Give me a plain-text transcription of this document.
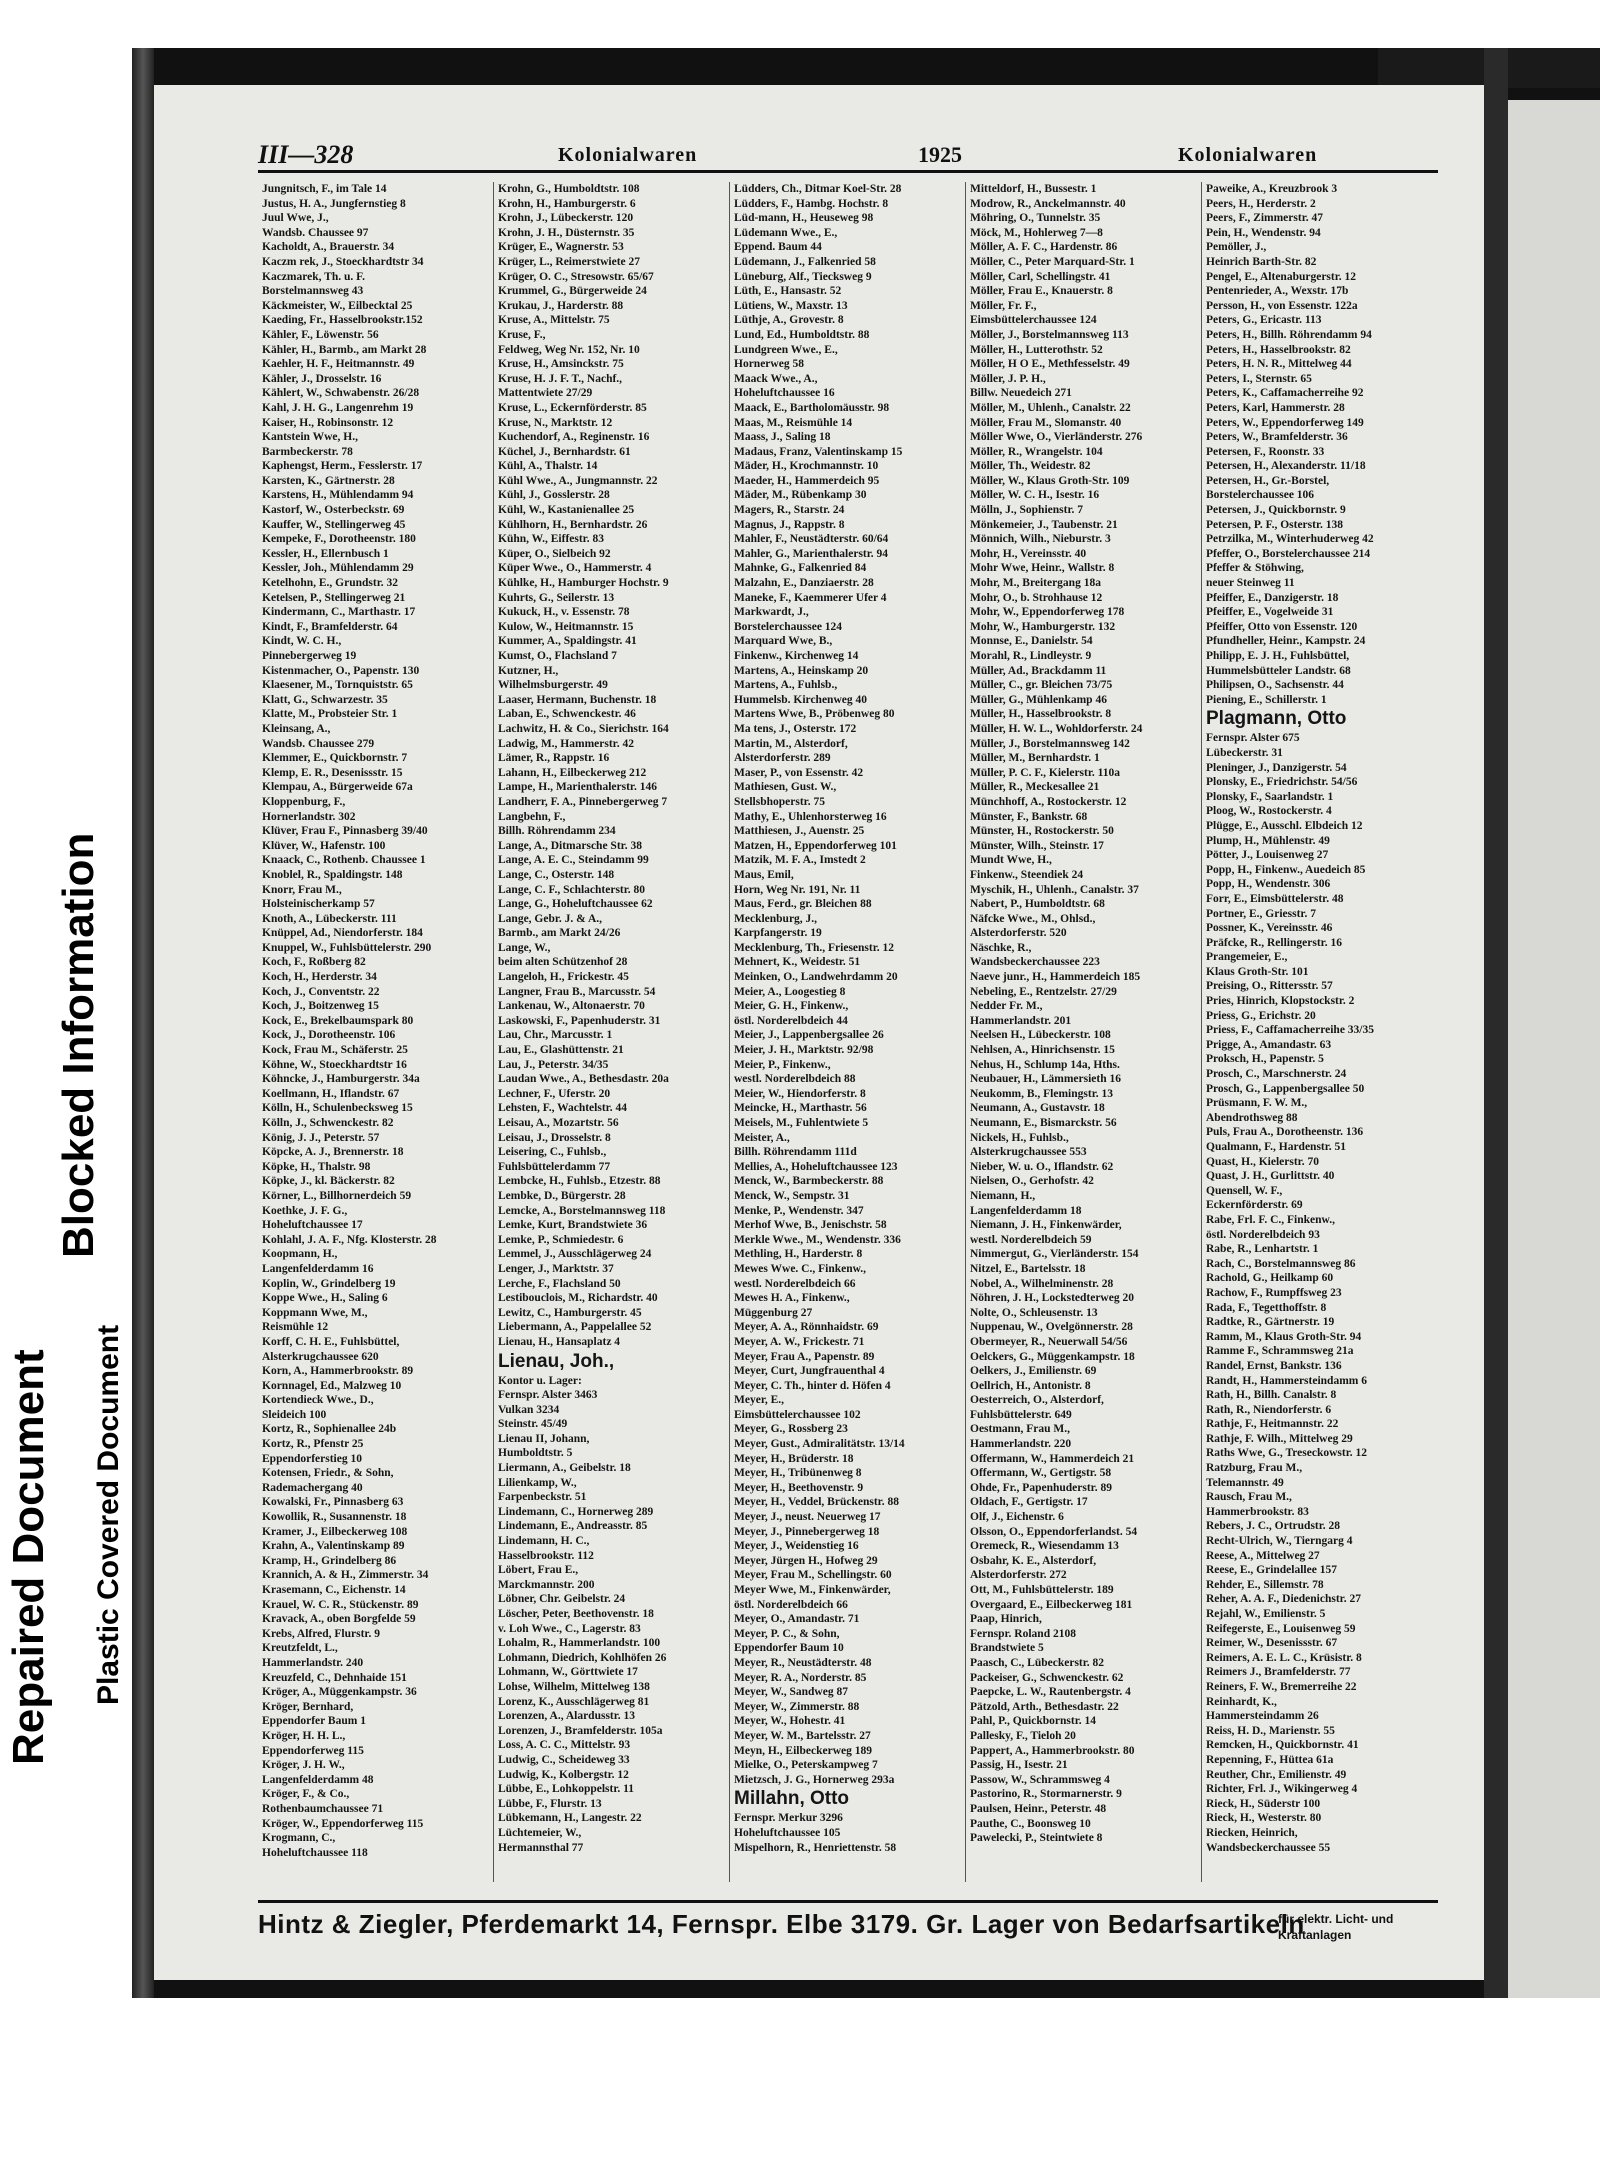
Repaired Document Plastic Covered Document
Blocked Information
III—328	Kolonialwaren	1925	Kolonialwaren
Jungnitsch, F., im Tale 14
Justus, H. A., Jungfernstieg 8
Juul Wwe, J.,
Wandsb. Chaussee 97
Kacholdt, A., Brauerstr. 34
Kaczm rek, J., Stoeckhardtstr 34
Kaczmarek, Th. u. F.
Borstelmannsweg 43
Käckmeister, W., Eilbecktal 25
Kaeding, Fr., Hasselbrookstr.152
Kähler, F., Löwenstr. 56
Kähler, H., Barmb., am Markt 28
Kaehler, H. F., Heitmannstr. 49
Kähler, J., Drosselstr. 16
Kählert, W., Schwabenstr. 26/28
Kahl, J. H. G., Langenrehm 19
Kaiser, H., Robinsonstr. 12
Kantstein Wwe, H.,
Barmbeckerstr. 78
Kaphengst, Herm., Fesslerstr. 17
Karsten, K., Gärtnerstr. 28
Karstens, H., Mühlendamm 94
Kastorf, W., Osterbeckstr. 69
Kauffer, W., Stellingerweg 45
Kempeke, F., Dorotheenstr. 180
Kessler, H., Ellernbusch 1
Kessler, Joh., Mühlendamm 29
Ketelhohn, E., Grundstr. 32
Ketelsen, P., Stellingerweg 21
Kindermann, C., Marthastr. 17
Kindt, F., Bramfelderstr. 64
Kindt, W. C. H.,
Pinnebergerweg 19
Kistenmacher, O., Papenstr. 130
Klaesener, M., Tornquiststr. 65
Klatt, G., Schwarzestr. 35
Klatte, M., Probsteier Str. 1
Kleinsang, A.,
Wandsb. Chaussee 279
Klemmer, E., Quickbornstr. 7
Klemp, E. R., Desenissstr. 15
Klempau, A., Bürgerweide 67a
Kloppenburg, F.,
Hornerlandstr. 302
Klüver, Frau F., Pinnasberg 39/40
Klüver, W., Hafenstr. 100
Knaack, C., Rothenb. Chaussee 1
Knoblel, R., Spaldingstr. 148
Knorr, Frau M.,
Holsteinischerkamp 57
Knoth, A., Lübeckerstr. 111
Knüppel, Ad., Niendorferstr. 184
Knuppel, W., Fuhlsbüttelerstr. 290
Koch, F., Roßberg 82
Koch, H., Herderstr. 34
Koch, J., Conventstr. 22
Koch, J., Boitzenweg 15
Kock, E., Brekelbaumspark 80
Kock, J., Dorotheenstr. 106
Kock, Frau M., Schäferstr. 25
Köhne, W., Stoeckhardtstr 16
Köhncke, J., Hamburgerstr. 34a
Koellmann, H., Iflandstr. 67
Kölln, H., Schulenbecksweg 15
Kölln, J., Schwenckestr. 82
König, J. J., Peterstr. 57
Köpcke, A. J., Brennerstr. 18
Köpke, H., Thalstr. 98
Köpke, J., kl. Bäckerstr. 82
Körner, L., Billhornerdeich 59
Koethke, J. F. G.,
Hoheluftchaussee 17
Kohlahl, J. A. F., Nfg. Klosterstr. 28
Koopmann, H.,
Langenfelderdamm 16
Koplin, W., Grindelberg 19
Koppe Wwe., H., Saling 6
Koppmann Wwe, M.,
Reismühle 12
Korff, C. H. E., Fuhlsbüttel,
Alsterkrugchaussee 620
Korn, A., Hammerbrookstr. 89
Kornnagel, Ed., Malzweg 10
Kortendieck Wwe., D.,
Sleideich 100
Kortz, R., Sophienallee 24b
Kortz, R., Pfenstr 25
Eppendorferstieg 10
Kotensen, Friedr., & Sohn,
Rademachergang 40
Kowalski, Fr., Pinnasberg 63
Kowollik, R., Susannenstr. 18
Kramer, J., Eilbeckerweg 108
Krahn, A., Valentinskamp 89
Kramp, H., Grindelberg 86
Krannich, A. & H., Zimmerstr. 34
Krasemann, C., Eichenstr. 14
Krauel, W. C. R., Stückenstr. 89
Kravack, A., oben Borgfelde 59
Krebs, Alfred, Flurstr. 9
Kreutzfeldt, L.,
Hammerlandstr. 240
Kreuzfeld, C., Dehnhaide 151
Kröger, A., Müggenkampstr. 36
Kröger, Bernhard,
Eppendorfer Baum 1
Kröger, H. H. L.,
Eppendorferweg 115
Kröger, J. H. W.,
Langenfelderdamm 48
Kröger, F., & Co.,
Rothenbaumchaussee 71
Kröger, W., Eppendorferweg 115
Krogmann, C.,
Hoheluftchaussee 118
Krohn, G., Humboldtstr. 108
Krohn, H., Hamburgerstr. 6
Krohn, J., Lübeckerstr. 120
Krohn, J. H., Düsternstr. 35
Krüger, E., Wagnerstr. 53
Krüger, L., Reimerstwiete 27
Krüger, O. C., Stresowstr. 65/67
Krummel, G., Bürgerweide 24
Krukau, J., Harderstr. 88
Kruse, A., Mittelstr. 75
Kruse, F.,
Feldweg, Weg Nr. 152, Nr. 10
Kruse, H., Amsinckstr. 75
Kruse, H. J. F. T., Nachf.,
Mattentwiete 27/29
Kruse, L., Eckernförderstr. 85
Kruse, N., Marktstr. 12
Kuchendorf, A., Reginenstr. 16
Küchel, J., Bernhardstr. 61
Kühl, A., Thalstr. 14
Kühl Wwe., A., Jungmannstr. 22
Kühl, J., Gosslerstr. 28
Kühl, W., Kastanienallee 25
Kühlhorn, H., Bernhardstr. 26
Kühn, W., Eiffestr. 83
Küper, O., Sielbeich 92
Küper Wwe., O., Hammerstr. 4
Kühlke, H., Hamburger Hochstr. 9
Kuhrts, G., Seilerstr. 13
Kukuck, H., v. Essenstr. 78
Kulow, W., Heitmannstr. 15
Kummer, A., Spaldingstr. 41
Kumst, O., Flachsland 7
Kutzner, H.,
Wilhelmsburgerstr. 49
Laaser, Hermann, Buchenstr. 18
Laban, E., Schwenckestr. 46
Lachwitz, H. & Co., Sierichstr. 164
Ladwig, M., Hammerstr. 42
Lämer, R., Rappstr. 16
Lahann, H., Eilbeckerweg 212
Lampe, H., Marienthalerstr. 146
Landherr, F. A., Pinnebergerweg 7
Langbehn, F.,
Billh. Röhrendamm 234
Lange, A., Ditmarsche Str. 38
Lange, A. E. C., Steindamm 99
Lange, C., Osterstr. 148
Lange, C. F., Schlachterstr. 80
Lange, G., Hoheluftchaussee 62
Lange, Gebr. J. & A.,
Barmb., am Markt 24/26
Lange, W.,
beim alten Schützenhof 28
Langeloh, H., Frickestr. 45
Langner, Frau B., Marcusstr. 54
Lankenau, W., Altonaerstr. 70
Laskowski, F., Papenhuderstr. 31
Lau, Chr., Marcusstr. 1
Lau, E., Glashüttenstr. 21
Lau, J., Peterstr. 34/35
Laudan Wwe., A., Bethesdastr. 20a
Lechner, F., Uferstr. 20
Lehsten, F., Wachtelstr. 44
Leisau, A., Mozartstr. 56
Leisau, J., Drosselstr. 8
Leisering, C., Fuhlsb.,
Fuhlsbüttelerdamm 77
Lembcke, H., Fuhlsb., Etzestr. 88
Lembke, D., Bürgerstr. 28
Lemcke, A., Borstelmannsweg 118
Lemke, Kurt, Brandstwiete 36
Lemke, P., Schmiedestr. 6
Lemmel, J., Ausschlägerweg 24
Lenger, J., Marktstr. 37
Lerche, F., Flachsland 50
Lestibouclois, M., Richardstr. 40
Lewitz, C., Hamburgerstr. 45
Liebermann, A., Pappelallee 52
Lienau, H., Hansaplatz 4
Lienau, Joh.,
Kontor u. Lager:
Fernspr. Alster 3463
Vulkan 3234
Steinstr. 45/49
Lienau II, Johann,
Humboldtstr. 5
Liermann, A., Geibelstr. 18
Lilienkamp, W.,
Farpenbeckstr. 51
Lindemann, C., Hornerweg 289
Lindemann, E., Andreasstr. 85
Lindemann, H. C.,
Hasselbrookstr. 112
Löbert, Frau E.,
Marckmannstr. 200
Löbner, Chr. Geibelstr. 24
Löscher, Peter, Beethovenstr. 18
v. Loh Wwe., C., Lagerstr. 83
Lohalm, R., Hammerlandstr. 100
Lohmann, Diedrich, Kohlhöfen 26
Lohmann, W., Görttwiete 17
Lohse, Wilhelm, Mittelweg 138
Lorenz, K., Ausschlägerweg 81
Lorenzen, A., Alardusstr. 13
Lorenzen, J., Bramfelderstr. 105a
Loss, A. C. C., Mittelstr. 93
Ludwig, C., Scheideweg 33
Ludwig, K., Kolbergstr. 12
Lübbe, E., Lohkoppelstr. 11
Lübbe, F., Flurstr. 13
Lübkemann, H., Langestr. 22
Lüchtemeier, W.,
Hermannsthal 77
Lüdders, Ch., Ditmar Koel-Str. 28
Lüdders, F., Hambg. Hochstr. 8
Lüd-mann, H., Heuseweg 98
Lüdemann Wwe., E.,
Eppend. Baum 44
Lüdemann, J., Falkenried 58
Lüneburg, Alf., Tiecksweg 9
Lüth, E., Hansastr. 52
Lütiens, W., Maxstr. 13
Lüthje, A., Grovestr. 8
Lund, Ed., Humboldtstr. 88
Lundgreen Wwe., E.,
Hornerweg 58
Maack Wwe., A.,
Hoheluftchaussee 16
Maack, E., Bartholomäusstr. 98
Maas, M., Reismühle 14
Maass, J., Saling 18
Madaus, Franz, Valentinskamp 15
Mäder, H., Krochmannstr. 10
Maeder, H., Hammerdeich 95
Mäder, M., Rübenkamp 30
Magers, R., Starstr. 24
Magnus, J., Rappstr. 8
Mahler, F., Neustädterstr. 60/64
Mahler, G., Marienthalerstr. 94
Mahnke, G., Falkenried 84
Malzahn, E., Danziaerstr. 28
Maneke, F., Kaemmerer Ufer 4
Markwardt, J.,
Borstelerchaussee 124
Marquard Wwe, B.,
Finkenw., Kirchenweg 14
Martens, A., Heinskamp 20
Martens, A., Fuhlsb.,
Hummelsb. Kirchenweg 40
Martens Wwe, B., Pröbenweg 80
Ma tens, J., Osterstr. 172
Martin, M., Alsterdorf,
Alsterdorferstr. 289
Maser, P., von Essenstr. 42
Mathiesen, Gust. W.,
Stellsbhoperstr. 75
Mathy, E., Uhlenhorsterweg 16
Matthiesen, J., Auenstr. 25
Matzen, H., Eppendorferweg 101
Matzik, M. F. A., Imstedt 2
Maus, Emil,
Horn, Weg Nr. 191, Nr. 11
Maus, Ferd., gr. Bleichen 88
Mecklenburg, J.,
Karpfangerstr. 19
Mecklenburg, Th., Friesenstr. 12
Mehnert, K., Weidestr. 51
Meinken, O., Landwehrdamm 20
Meier, A., Loogestieg 8
Meier, G. H., Finkenw.,
östl. Norderelbdeich 44
Meier, J., Lappenbergsallee 26
Meier, J. H., Marktstr. 92/98
Meier, P., Finkenw.,
westl. Norderelbdeich 88
Meier, W., Hiendorferstr. 8
Meincke, H., Marthastr. 56
Meisels, M., Fuhlentwiete 5
Meister, A.,
Billh. Röhrendamm 111d
Mellies, A., Hoheluftchaussee 123
Menck, W., Barmbeckerstr. 88
Menck, W., Sempstr. 31
Menke, P., Wendenstr. 347
Merhof Wwe, B., Jenischstr. 58
Merkle Wwe., M., Wendenstr. 336
Methling, H., Harderstr. 8
Mewes Wwe. C., Finkenw.,
westl. Norderelbdeich 66
Mewes H. A., Finkenw.,
Müggenburg 27
Meyer, A. A., Rönnhaidstr. 69
Meyer, A. W., Frickestr. 71
Meyer, Frau A., Papenstr. 89
Meyer, Curt, Jungfrauenthal 4
Meyer, C. Th., hinter d. Höfen 4
Meyer, E.,
Eimsbüttelerchaussee 102
Meyer, G., Rossberg 23
Meyer, Gust., Admiralitätstr. 13/14
Meyer, H., Brüderstr. 18
Meyer, H., Tribünenweg 8
Meyer, H., Beethovenstr. 9
Meyer, H., Veddel, Brückenstr. 88
Meyer, J., neust. Neuerweg 17
Meyer, J., Pinnebergerweg 18
Meyer, J., Weidenstieg 16
Meyer, Jürgen H., Hofweg 29
Meyer, Frau M., Schellingstr. 60
Meyer Wwe, M., Finkenwärder,
östl. Norderelbdeich 66
Meyer, O., Amandastr. 71
Meyer, P. C., & Sohn,
Eppendorfer Baum 10
Meyer, R., Neustädterstr. 48
Meyer, R. A., Norderstr. 85
Meyer, W., Sandweg 87
Meyer, W., Zimmerstr. 88
Meyer, W., Hohestr. 41
Meyer, W. M., Bartelsstr. 27
Meyn, H., Eilbeckerweg 189
Mielke, O., Peterskampweg 7
Mietzsch, J. G., Hornerweg 293a
Millahn, Otto
Fernspr. Merkur 3296
Hoheluftchaussee 105
Mispelhorn, R., Henriettenstr. 58
Mitteldorf, H., Bussestr. 1
Modrow, R., Anckelmannstr. 40
Möhring, O., Tunnelstr. 35
Möck, M., Hohlerweg 7—8
Möller, A. F. C., Hardenstr. 86
Möller, C., Peter Marquard-Str. 1
Möller, Carl, Schellingstr. 41
Möller, Frau E., Knauerstr. 8
Möller, Fr. F.,
Eimsbüttelerchaussee 124
Möller, J., Borstelmannsweg 113
Möller, H., Lutterothstr. 52
Möller, H O E., Methfesselstr. 49
Möller, J. P. H.,
Billw. Neuedeich 271
Möller, M., Uhlenh., Canalstr. 22
Möller, Frau M., Slomanstr. 40
Möller Wwe, O., Vierländerstr. 276
Möller, R., Wrangelstr. 104
Möller, Th., Weidestr. 82
Möller, W., Klaus Groth-Str. 109
Möller, W. C. H., Isestr. 16
Mölln, J., Sophienstr. 7
Mönkemeier, J., Taubenstr. 21
Mönnich, Wilh., Nieburstr. 3
Mohr, H., Vereinsstr. 40
Mohr Wwe, Heinr., Wallstr. 8
Mohr, M., Breitergang 18a
Mohr, O., b. Strohhause 12
Mohr, W., Eppendorferweg 178
Mohr, W., Hamburgerstr. 132
Monnse, E., Danielstr. 54
Morahl, R., Lindleystr. 9
Müller, Ad., Brackdamm 11
Müller, C., gr. Bleichen 73/75
Müller, G., Mühlenkamp 46
Müller, H., Hasselbrookstr. 8
Müller, H. W. L., Wohldorferstr. 24
Müller, J., Borstelmannsweg 142
Müller, M., Bernhardstr. 1
Müller, P. C. F., Kielerstr. 110a
Müller, R., Meckesallee 21
Münchhoff, A., Rostockerstr. 12
Münster, F., Bankstr. 68
Münster, H., Rostockerstr. 50
Münster, Wilh., Steinstr. 17
Mundt Wwe, H.,
Finkenw., Steendiek 24
Myschik, H., Uhlenh., Canalstr. 37
Nabert, P., Humboldtstr. 68
Näfcke Wwe., M., Ohlsd.,
Alsterdorferstr. 520
Näschke, R.,
Wandsbeckerchaussee 223
Naeve junr., H., Hammerdeich 185
Nebeling, E., Rentzelstr. 27/29
Nedder Fr. M.,
Hammerlandstr. 201
Neelsen H., Lübeckerstr. 108
Nehlsen, A., Hinrichsenstr. 15
Nehus, H., Schlump 14a, Hths.
Neubauer, H., Lämmersieth 16
Neukomm, B., Flemingstr. 13
Neumann, A., Gustavstr. 18
Neumann, E., Bismarckstr. 56
Nickels, H., Fuhlsb.,
Alsterkrugchaussee 553
Nieber, W. u. O., Iflandstr. 62
Nielsen, O., Gerhofstr. 42
Niemann, H.,
Langenfelderdamm 18
Niemann, J. H., Finkenwärder,
westl. Norderelbdeich 59
Nimmergut, G., Vierländerstr. 154
Nitzel, E., Bartelsstr. 18
Nobel, A., Wilhelminenstr. 28
Nöhren, J. H., Lockstedterweg 20
Nolte, O., Schleusenstr. 13
Nuppenau, W., Ovelgönnerstr. 28
Obermeyer, R., Neuerwall 54/56
Oelckers, G., Müggenkampstr. 18
Oelkers, J., Emilienstr. 69
Oellrich, H., Antonistr. 8
Oesterreich, O., Alsterdorf,
Fuhlsbüttelerstr. 649
Oestmann, Frau M.,
Hammerlandstr. 220
Offermann, W., Hammerdeich 21
Offermann, W., Gertigstr. 58
Ohde, Fr., Papenhuderstr. 89
Oldach, F., Gertigstr. 17
Olf, J., Eichenstr. 6
Olsson, O., Eppendorferlandst. 54
Oremeck, R., Wiesendamm 13
Osbahr, K. E., Alsterdorf,
Alsterdorferstr. 272
Ott, M., Fuhlsbüttelerstr. 189
Overgaard, E., Eilbeckerweg 181
Paap, Hinrich,
Fernspr. Roland 2108
Brandstwiete 5
Paasch, C., Lübeckerstr. 82
Packeiser, G., Schwenckestr. 62
Paepcke, L. W., Rautenbergstr. 4
Pätzold, Arth., Bethesdastr. 22
Pahl, P., Quickbornstr. 14
Pallesky, F., Tieloh 20
Pappert, A., Hammerbrookstr. 80
Passig, H., Isestr. 21
Passow, W., Schrammsweg 4
Pastorino, R., Stormarnerstr. 9
Paulsen, Heinr., Peterstr. 48
Pauthe, C., Boonsweg 10
Pawelecki, P., Steintwiete 8
Paweike, A., Kreuzbrook 3
Peers, H., Herderstr. 2
Peers, F., Zimmerstr. 47
Pein, H., Wendenstr. 94
Pemöller, J.,
Heinrich Barth-Str. 82
Pengel, E., Altenaburgerstr. 12
Pentenrieder, A., Wexstr. 17b
Persson, H., von Essenstr. 122a
Peters, G., Ericastr. 113
Peters, H., Billh. Röhrendamm 94
Peters, H., Hasselbrookstr. 82
Peters, H. N. R., Mittelweg 44
Peters, I., Sternstr. 65
Peters, K., Caffamacherreihe 92
Peters, Karl, Hammerstr. 28
Peters, W., Eppendorferweg 149
Peters, W., Bramfelderstr. 36
Petersen, F., Roonstr. 33
Petersen, H., Alexanderstr. 11/18
Petersen, H., Gr.-Borstel,
Borstelerchaussee 106
Petersen, J., Quickbornstr. 9
Petersen, P. F., Osterstr. 138
Petrzilka, M., Winterhuderweg 42
Pfeffer, O., Borstelerchaussee 214
Pfeffer & Stöhwing,
neuer Steinweg 11
Pfeiffer, E., Danzigerstr. 18
Pfeiffer, E., Vogelweide 31
Pfeiffer, Otto von Essenstr. 120
Pfundheller, Heinr., Kampstr. 24
Philipp, E. J. H., Fuhlsbüttel,
Hummelsbütteler Landstr. 68
Philipsen, O., Sachsenstr. 44
Piening, E., Schillerstr. 1
Plagmann, Otto
Fernspr. Alster 675
Lübeckerstr. 31
Pleninger, J., Danzigerstr. 54
Plonsky, E., Friedrichstr. 54/56
Plonsky, F., Saarlandstr. 1
Ploog, W., Rostockerstr. 4
Plügge, E., Ausschl. Elbdeich 12
Plump, H., Mühlenstr. 49
Pötter, J., Louisenweg 27
Popp, H., Finkenw., Auedeich 85
Popp, H., Wendenstr. 306
Forr, E., Eimsbüttelerstr. 48
Portner, E., Griesstr. 7
Possner, K., Vereinsstr. 46
Präfcke, R., Rellingerstr. 16
Prangemeier, E.,
Klaus Groth-Str. 101
Preising, O., Rittersstr. 57
Pries, Hinrich, Klopstockstr. 2
Priess, G., Erichstr. 20
Priess, F., Caffamacherreihe 33/35
Prigge, A., Amandastr. 63
Proksch, H., Papenstr. 5
Prosch, C., Marschnerstr. 24
Prosch, G., Lappenbergsallee 50
Prüsmann, F. W. M.,
Abendrothsweg 88
Puls, Frau A., Dorotheenstr. 136
Qualmann, F., Hardenstr. 51
Quast, H., Kielerstr. 70
Quast, J. H., Gurlittstr. 40
Quensell, W. F.,
Eckernförderstr. 69
Rabe, Frl. F. C., Finkenw.,
östl. Norderelbdeich 93
Rabe, R., Lenhartstr. 1
Rach, C., Borstelmannsweg 86
Rachold, G., Heilkamp 60
Rachow, F., Rumpffsweg 23
Rada, F., Tegetthoffstr. 8
Radtke, R., Gärtnerstr. 19
Ramm, M., Klaus Groth-Str. 94
Ramme F., Schrammsweg 21a
Randel, Ernst, Bankstr. 136
Randt, H., Hammersteindamm 6
Rath, H., Billh. Canalstr. 8
Rath, R., Niendorferstr. 6
Rathje, F., Heitmannstr. 22
Rathje, F. Wilh., Mittelweg 29
Raths Wwe, G., Treseckowstr. 12
Ratzburg, Frau M.,
Telemannstr. 49
Rausch, Frau M.,
Hammerbrookstr. 83
Rebers, J. C., Ortrudstr. 28
Recht-Ulrich, W., Tierngarg 4
Reese, A., Mittelweg 27
Reese, E., Grindelallee 157
Rehder, E., Sillemstr. 78
Reher, A. A. F., Diedenichstr. 27
Rejahl, W., Emilienstr. 5
Reifegerste, E., Louisenweg 59
Reimer, W., Desenissstr. 67
Reimers, A. E. L. C., Krüsistr. 8
Reimers J., Bramfelderstr. 77
Reiners, F. W., Bremerreihe 22
Reinhardt, K.,
Hammersteindamm 26
Reiss, H. D., Marienstr. 55
Remcken, H., Quickbornstr. 41
Repenning, F., Hüttea 61a
Reuther, Chr., Emilienstr. 49
Richter, Frl. J., Wikingerweg 4
Rieck, H., Süderstr 100
Rieck, H., Westerstr. 80
Riecken, Heinrich,
Wandsbeckerchaussee 55
Hintz & Ziegler, Pferdemarkt 14, Fernspr. Elbe 3179. Gr. Lager von Bedarfsartikeln
für elektr. Licht- und Kraftanlagen
